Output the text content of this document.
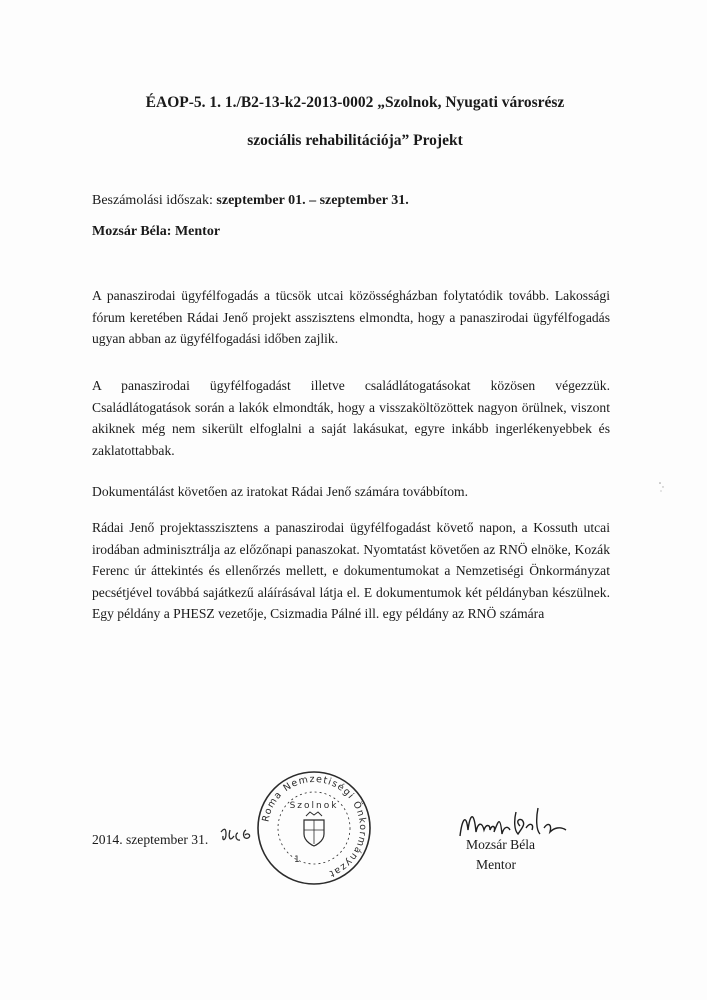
ÉAOP-5. 1. 1./B2-13-k2-2013-0002 „Szolnok, Nyugati városrész
szociális rehabilitációja” Projekt
Beszámolási időszak: szeptember 01. – szeptember 31.
Mozsár Béla: Mentor
A panaszirodai ügyfélfogadás a tücsök utcai közösségházban folytatódik tovább. Lakossági fórum keretében Rádai Jenő projekt asszisztens elmondta, hogy a panaszirodai ügyfélfogadás ugyan abban az ügyfélfogadási időben zajlik.
A panaszirodai ügyfélfogadást illetve családlátogatásokat közösen végezzük. Családlátogatások során a lakók elmondták, hogy a visszaköltözöttek nagyon örülnek, viszont akiknek még nem sikerült elfoglalni a saját lakásukat, egyre inkább ingerlékenyebbek és zaklatottabbak.
Dokumentálást követően az iratokat Rádai Jenő számára továbbítom.
Rádai Jenő projektasszisztens a panaszirodai ügyfélfogadást követő napon, a Kossuth utcai irodában adminisztrálja az előzőnapi panaszokat. Nyomtatást követően az RNÖ elnöke, Kozák Ferenc úr áttekintés és ellenőrzés mellett, e dokumentumokat a Nemzetiségi Önkormányzat pecsétjével továbbá sajátkezű aláírásával látja el. E dokumentumok két példányban készülnek. Egy példány a PHESZ vezetője, Csizmadia Pálné ill. egy példány az RNÖ számára
2014. szeptember 31.
Roma Nemzetiségi Önkormányzat
Szolnok
1
Mozsár Béla
Mentor
